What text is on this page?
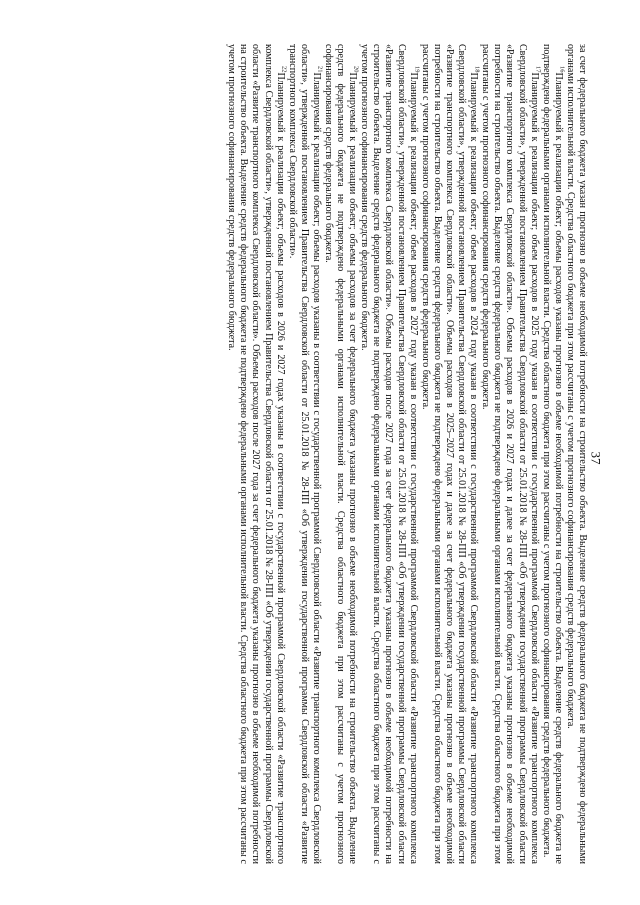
37

за счет федерального бюджета указан прогнозно в объеме необходимой потребности на строительство объекта. Выделение средств федерального бюджета не подтверждено федеральными органами исполнительной власти. Средства областного бюджета при этом рассчитаны с учетом прогнозного софинансирования средств федерального бюджета.

$^{16}$Планируемый к реализации объект; объемы расходов указаны прогнозно в объеме необходимой потребности на строительство объекта. Выделение средств федерального бюджета не подтверждено федеральными органами исполнительной власти. Средства областного бюджета при этом рассчитаны с учетом прогнозного софинансирования средств федерального бюджета.

$^{17}$Планируемый к реализации объект; объем расходов в 2025 году указан в соответствии с государственной программой Свердловской области «Развитие транспортного комплекса Свердловской области», утвержденной постановлением Правительства Свердловской области от 25.01.2018 № 28-ПП «Об утверждении государственной программы Свердловской области «Развитие транспортного комплекса Свердловской области». Объемы расходов в 2026 и 2027 годах и далее за счет федерального бюджета указаны прогнозно в объеме необходимой потребности на строительство объекта. Выделение средств федерального бюджета не подтверждено федеральными органами исполнительной власти. Средства областного бюджета при этом рассчитаны с учетом прогнозного софинансирования средств федерального бюджета.

$^{18}$Планируемый к реализации объект; объем расходов в 2024 году указан в соответствии с государственной программой Свердловской области «Развитие транспортного комплекса Свердловской области», утвержденной постановлением Правительства Свердловской области от 25.01.2018 № 28-ПП «Об утверждении государственной программы Свердловской области «Развитие транспортного комплекса Свердловской области». Объемы расходов в 2025–2027 годах и далее за счет федерального бюджета указаны прогнозно в объеме необходимой потребности на строительство объекта. Выделение средств федерального бюджета не подтверждено федеральными органами исполнительной власти. Средства областного бюджета при этом рассчитаны с учетом прогнозного софинансирования средств федерального бюджета.

$^{19}$Планируемый к реализации объект; объем расходов в 2027 году указан в соответствии с государственной программой Свердловской области «Развитие транспортного комплекса Свердловской области», утвержденной постановлением Правительства Свердловской области от 25.01.2018 № 28-ПП «Об утверждении государственной программы Свердловской области «Развитие транспортного комплекса Свердловской области». Объемы расходов после 2027 года за счет федерального бюджета указаны прогнозно в объеме необходимой потребности на строительство объекта. Выделение средств федерального бюджета не подтверждено федеральными органами исполнительной власти. Средства областного бюджета при этом рассчитаны с учетом прогнозного софинансирования средств федерального бюджета.

$^{20}$Планируемый к реализации объект; объемы расходов за счет федерального бюджета указаны прогнозно в объеме необходимой потребности на строительство объекта. Выделение средств федерального бюджета не подтверждено федеральными органами исполнительной власти. Средства областного бюджета при этом рассчитаны с учетом прогнозного софинансирования средств федерального бюджета.

$^{21}$Планируемый к реализации объект; объемы расходов указаны в соответствии с государственной программой Свердловской области «Развитие транспортного комплекса Свердловской области», утвержденной постановлением Правительства Свердловской области от 25.01.2018 № 28-ПП «Об утверждении государственной программы Свердловской области «Развитие транспортного комплекса Свердловской области».

$^{22}$Планируемый к реализации объект; объемы расходов в 2026 и 2027 годах указаны в соответствии с государственной программой Свердловской области «Развитие транспортного комплекса Свердловской области», утвержденной постановлением Правительства Свердловской области от 25.01.2018 № 28-ПП «Об утверждении государственной программы Свердловской области «Развитие транспортного комплекса Свердловской области». Объемы расходов после 2027 года за счет федерального бюджета указаны прогнозно в объеме необходимой потребности на строительство объекта. Выделение средств федерального бюджета не подтверждено федеральными органами исполнительной власти. Средства областного бюджета при этом рассчитаны с учетом прогнозного софинансирования средств федерального бюджета.
